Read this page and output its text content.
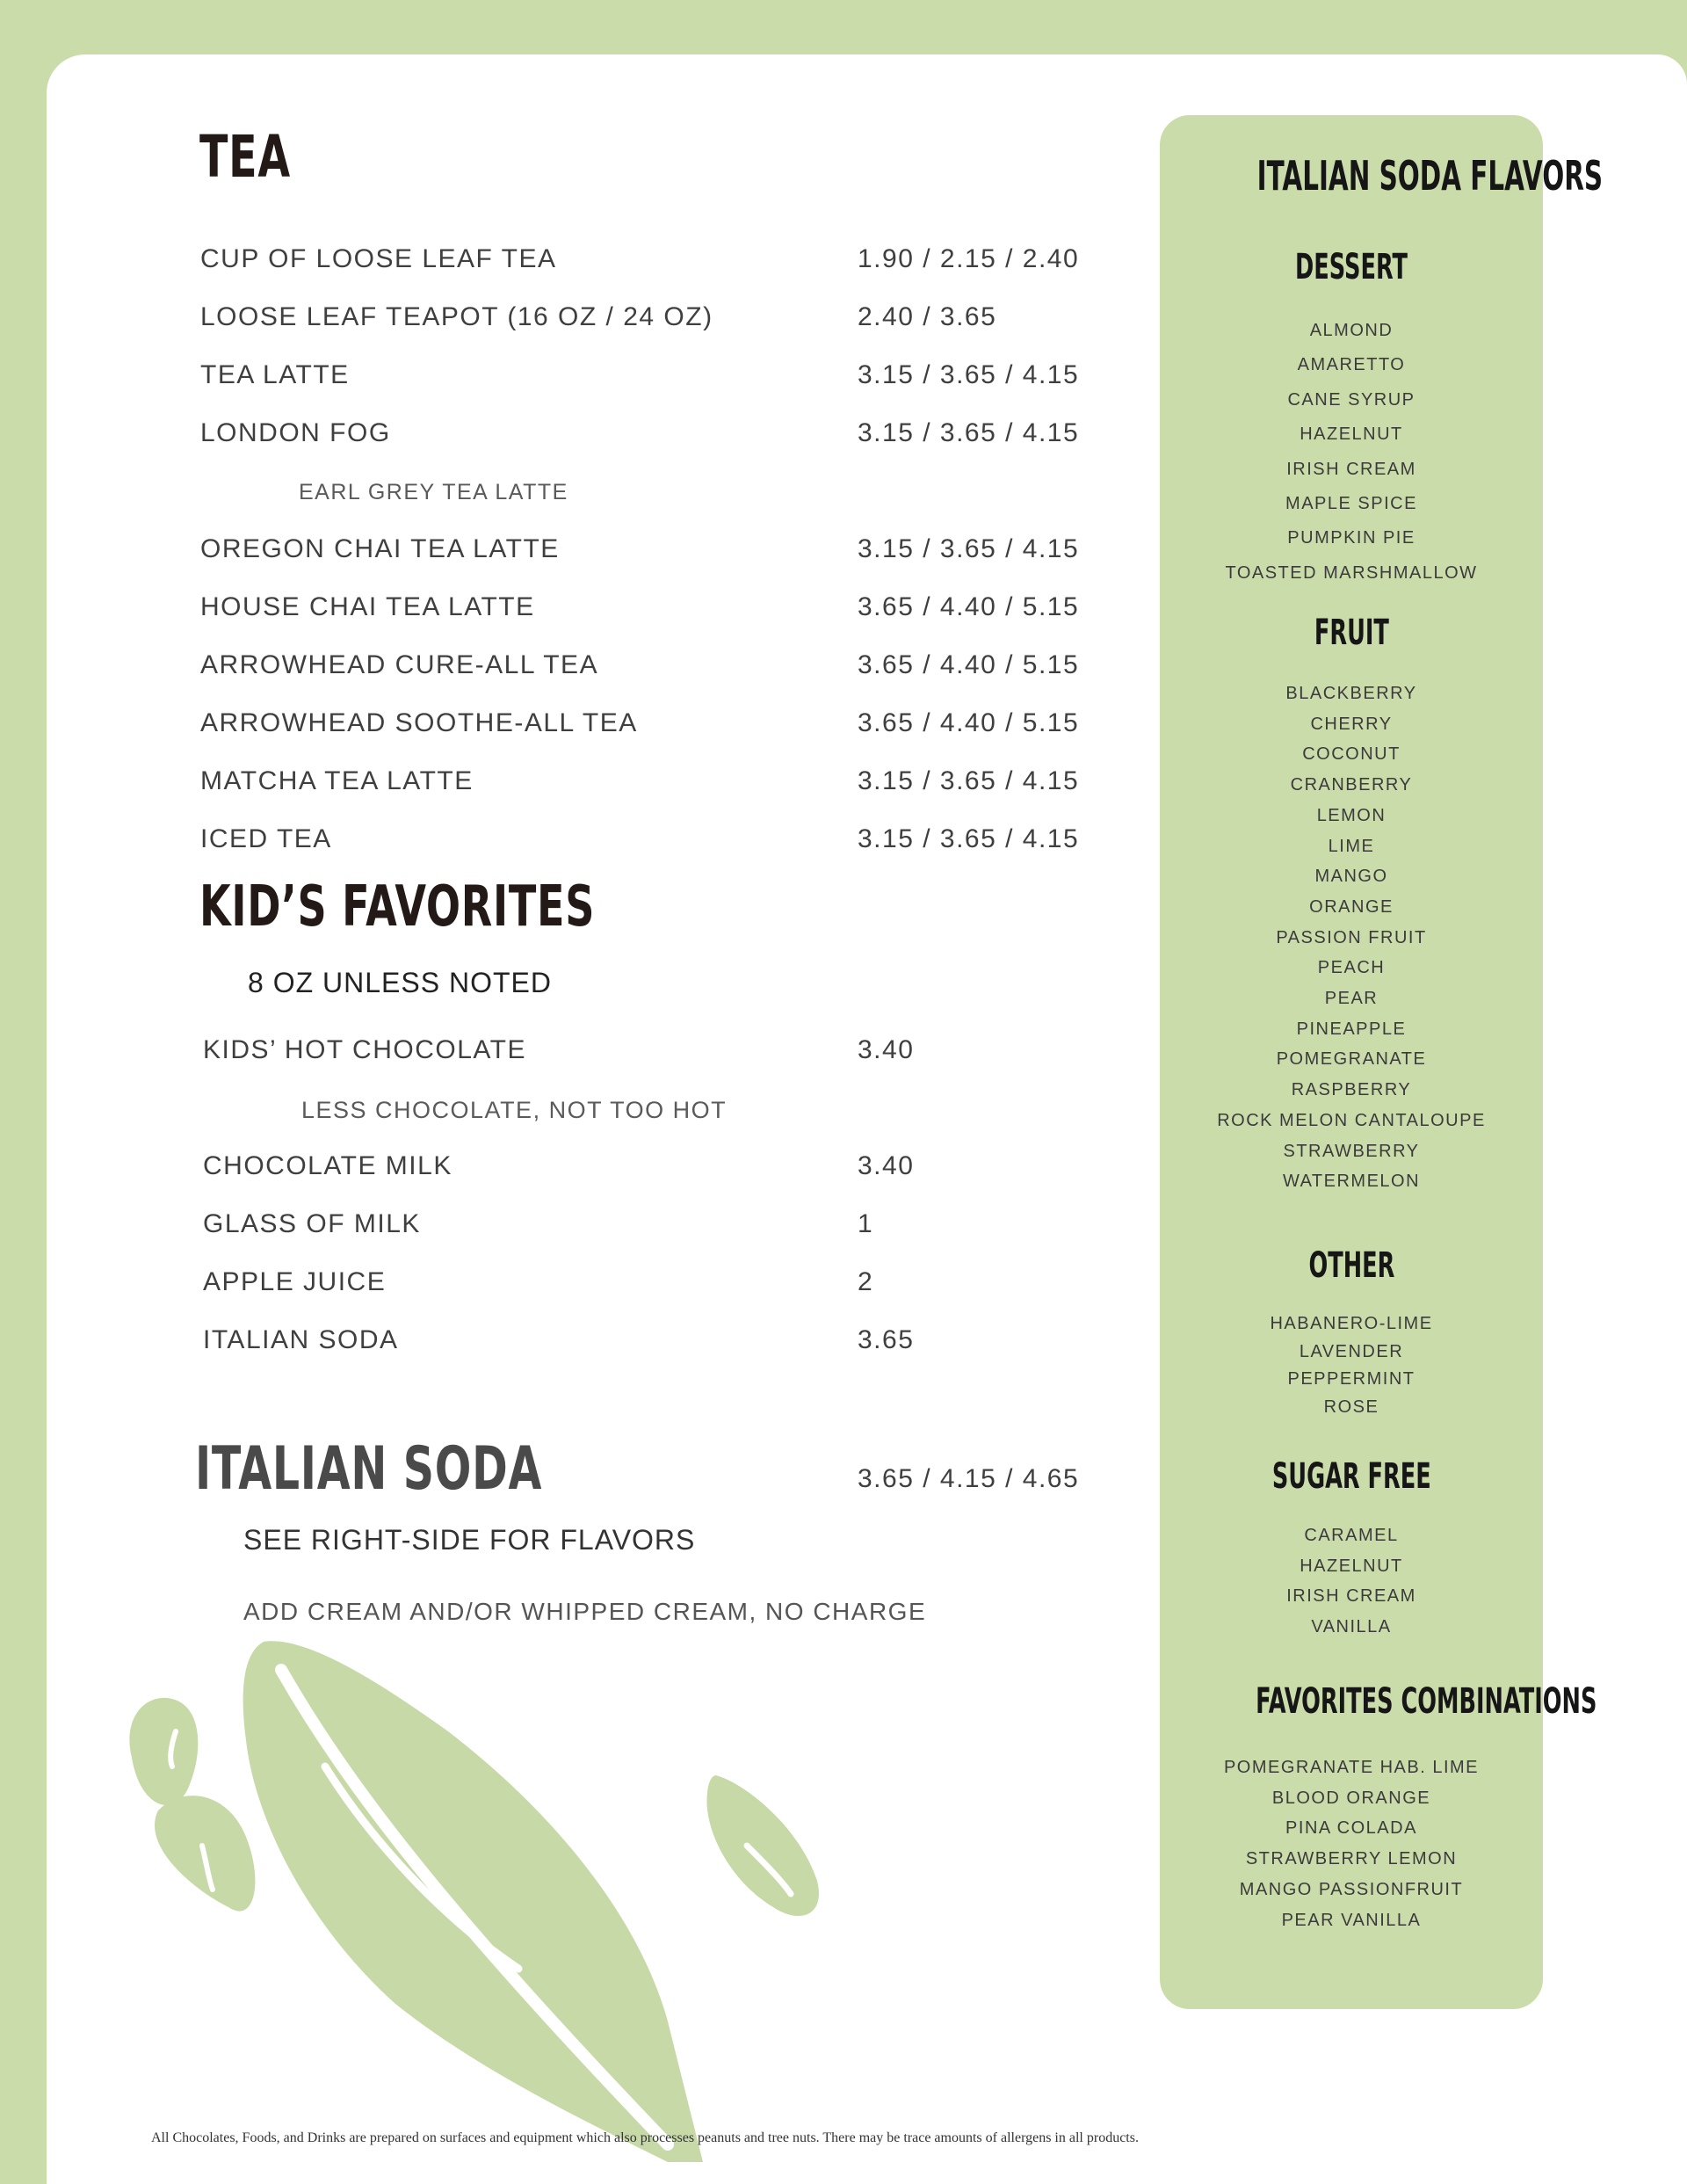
TEA
CUP OF LOOSE LEAF TEA	1.90 / 2.15 / 2.40
LOOSE LEAF TEAPOT (16 OZ / 24 OZ)	2.40 / 3.65
TEA LATTE	3.15 / 3.65 / 4.15
LONDON FOG	3.15 / 3.65 / 4.15
EARL GREY TEA LATTE
OREGON CHAI TEA LATTE	3.15 / 3.65 / 4.15
HOUSE CHAI TEA LATTE	3.65 / 4.40 / 5.15
ARROWHEAD CURE-ALL TEA	3.65 / 4.40 / 5.15
ARROWHEAD SOOTHE-ALL TEA	3.65 / 4.40 / 5.15
MATCHA TEA LATTE	3.15 / 3.65 / 4.15
ICED TEA	3.15 / 3.65 / 4.15
KID’S FAVORITES
8 OZ UNLESS NOTED
KIDS’ HOT CHOCOLATE	3.40
LESS CHOCOLATE, NOT TOO HOT
CHOCOLATE MILK	3.40
GLASS OF MILK	1
APPLE JUICE	2
ITALIAN SODA	3.65
ITALIAN SODA	3.65 / 4.15 / 4.65
SEE RIGHT-SIDE FOR FLAVORS
ADD CREAM AND/OR WHIPPED CREAM, NO CHARGE
ITALIAN SODA FLAVORS
DESSERT
ALMOND
AMARETTO
CANE SYRUP
HAZELNUT
IRISH CREAM
MAPLE SPICE
PUMPKIN PIE
TOASTED MARSHMALLOW
FRUIT
BLACKBERRY
CHERRY
COCONUT
CRANBERRY
LEMON
LIME
MANGO
ORANGE
PASSION FRUIT
PEACH
PEAR
PINEAPPLE
POMEGRANATE
RASPBERRY
ROCK MELON CANTALOUPE
STRAWBERRY
WATERMELON
OTHER
HABANERO-LIME
LAVENDER
PEPPERMINT
ROSE
SUGAR FREE
CARAMEL
HAZELNUT
IRISH CREAM
VANILLA
FAVORITES COMBINATIONS
POMEGRANATE HAB. LIME
BLOOD ORANGE
PINA COLADA
STRAWBERRY LEMON
MANGO PASSIONFRUIT
PEAR VANILLA

All Chocolates, Foods, and Drinks are prepared on surfaces and equipment which also processes peanuts and tree nuts. There may be trace amounts of allergens in all products.
